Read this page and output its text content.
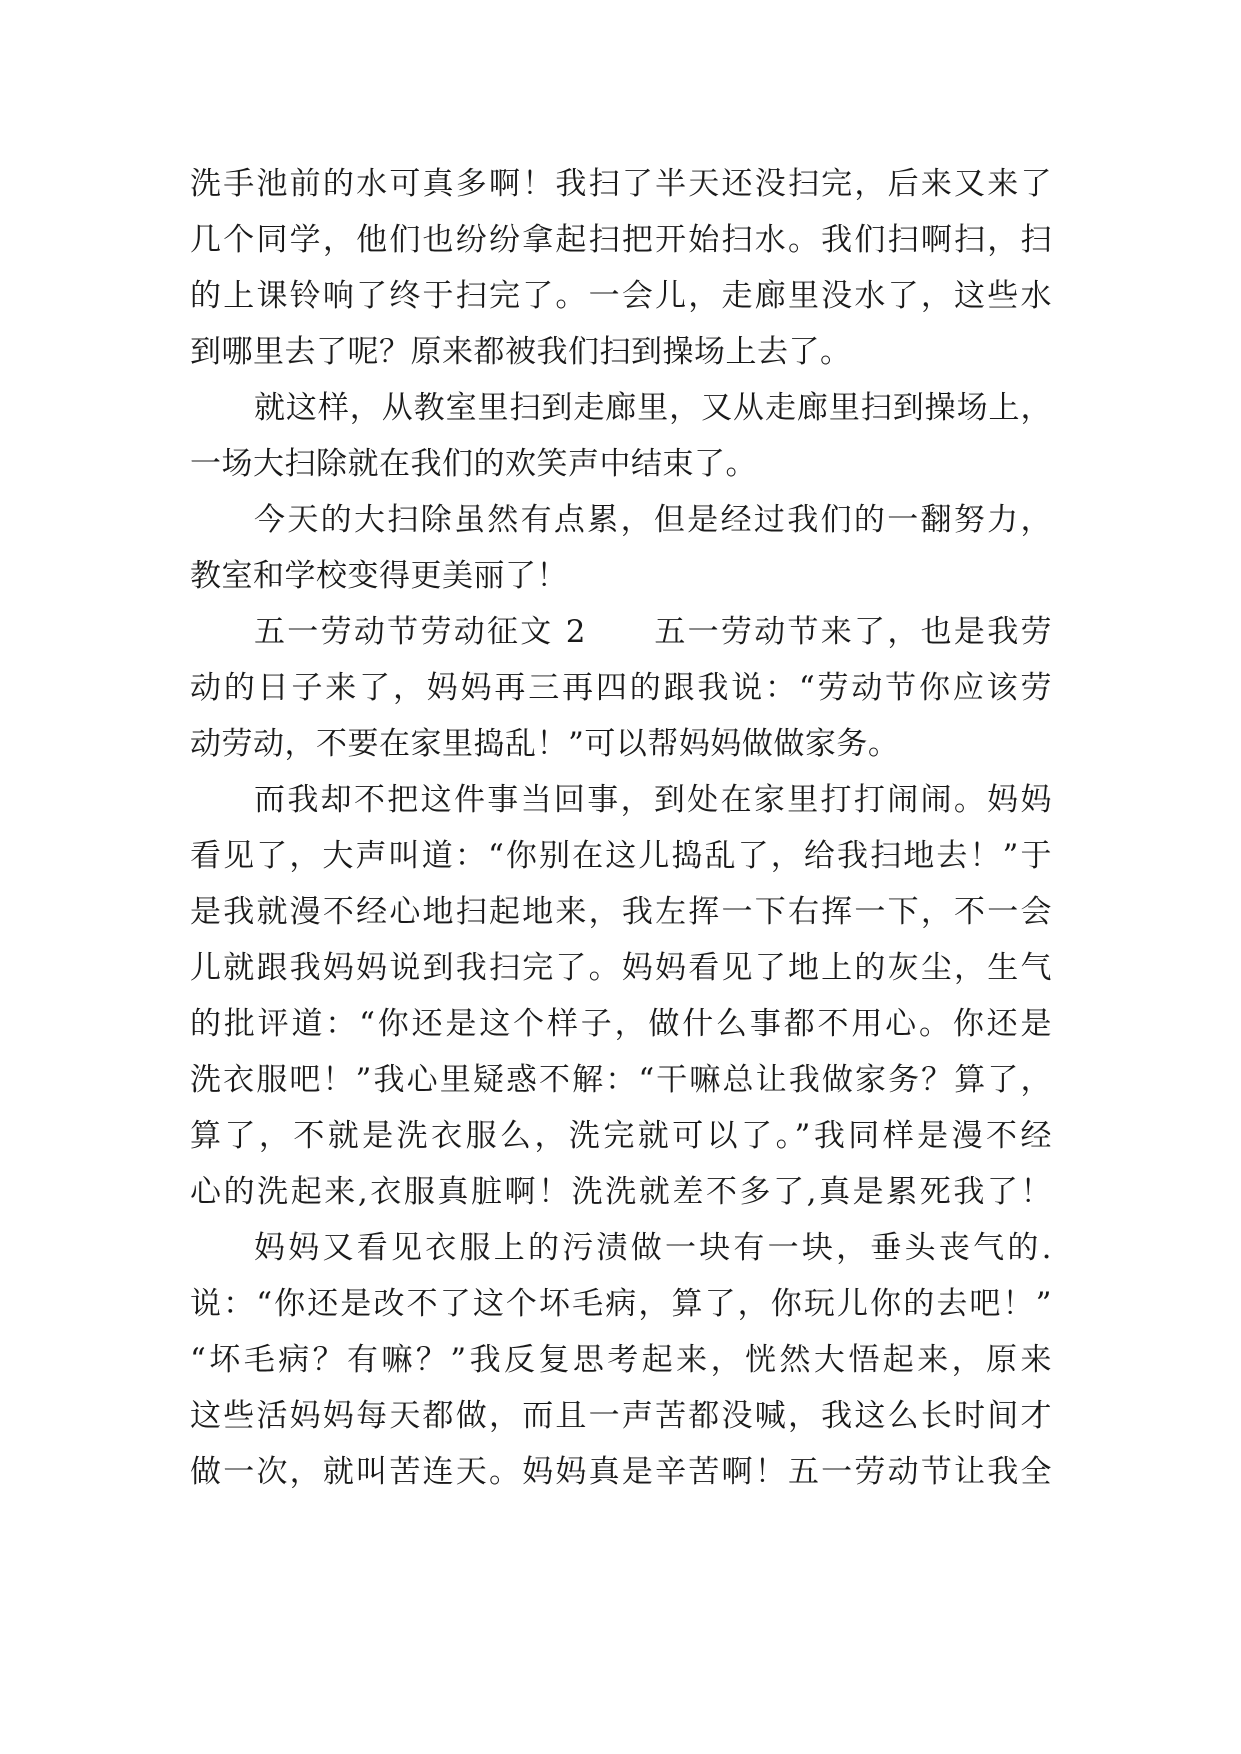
洗手池前的水可真多啊！我扫了半天还没扫完，后来又来了
几个同学，他们也纷纷拿起扫把开始扫水。我们扫啊扫，扫
的上课铃响了终于扫完了。一会儿，走廊里没水了，这些水
到哪里去了呢？原来都被我们扫到操场上去了。
就这样，从教室里扫到走廊里，又从走廊里扫到操场上，
一场大扫除就在我们的欢笑声中结束了。
今天的大扫除虽然有点累，但是经过我们的一翻努力，
教室和学校变得更美丽了！
五一劳动节劳动征文 2　　五一劳动节来了，也是我劳
动的日子来了，妈妈再三再四的跟我说：“劳动节你应该劳
动劳动，不要在家里捣乱！”可以帮妈妈做做家务。
而我却不把这件事当回事，到处在家里打打闹闹。妈妈
看见了，大声叫道：“你别在这儿捣乱了，给我扫地去！”于
是我就漫不经心地扫起地来，我左挥一下右挥一下，不一会
儿就跟我妈妈说到我扫完了。妈妈看见了地上的灰尘，生气
的批评道：“你还是这个样子，做什么事都不用心。你还是
洗衣服吧！”我心里疑惑不解：“干嘛总让我做家务？算了，
算了，不就是洗衣服么，洗完就可以了。”我同样是漫不经
心的洗起来,衣服真脏啊！洗洗就差不多了,真是累死我了！
妈妈又看见衣服上的污渍做一块有一块，垂头丧气的.
说：“你还是改不了这个坏毛病，算了，你玩儿你的去吧！”
“坏毛病？有嘛？”我反复思考起来，恍然大悟起来，原来
这些活妈妈每天都做，而且一声苦都没喊，我这么长时间才
做一次，就叫苦连天。妈妈真是辛苦啊！五一劳动节让我全
